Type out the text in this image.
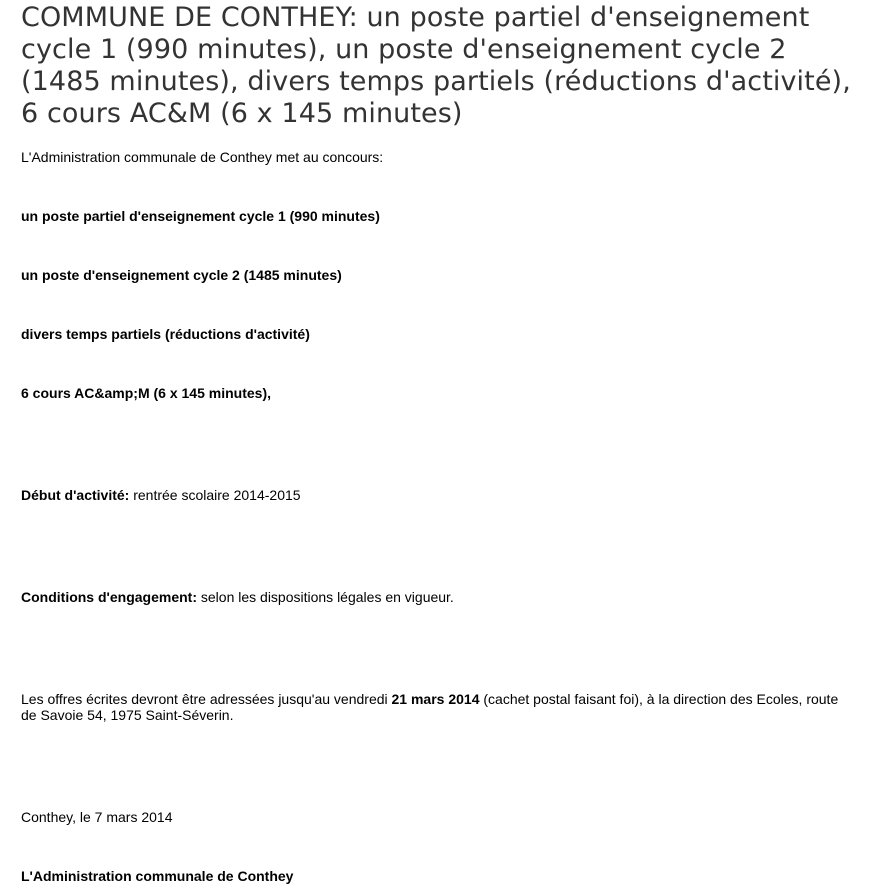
COMMUNE DE CONTHEY: un poste partiel d'enseignement cycle 1 (990 minutes), un poste d'enseignement cycle 2 (1485 minutes), divers temps partiels (réductions d'activité), 6 cours AC&M (6 x 145 minutes)

L'Administration communale de Conthey met au concours:

un poste partiel d'enseignement cycle 1 (990 minutes)

un poste d'enseignement cycle 2 (1485 minutes)

divers temps partiels (réductions d'activité)

6 cours AC&amp;M (6 x 145 minutes),

Début d'activité: rentrée scolaire 2014-2015

Conditions d'engagement: selon les dispositions légales en vigueur.

Les offres écrites devront être adressées jusqu'au vendredi 21 mars 2014 (cachet postal faisant foi), à la direction des Ecoles, route de Savoie 54, 1975 Saint-Séverin.

Conthey, le 7 mars 2014

L'Administration communale de Conthey
